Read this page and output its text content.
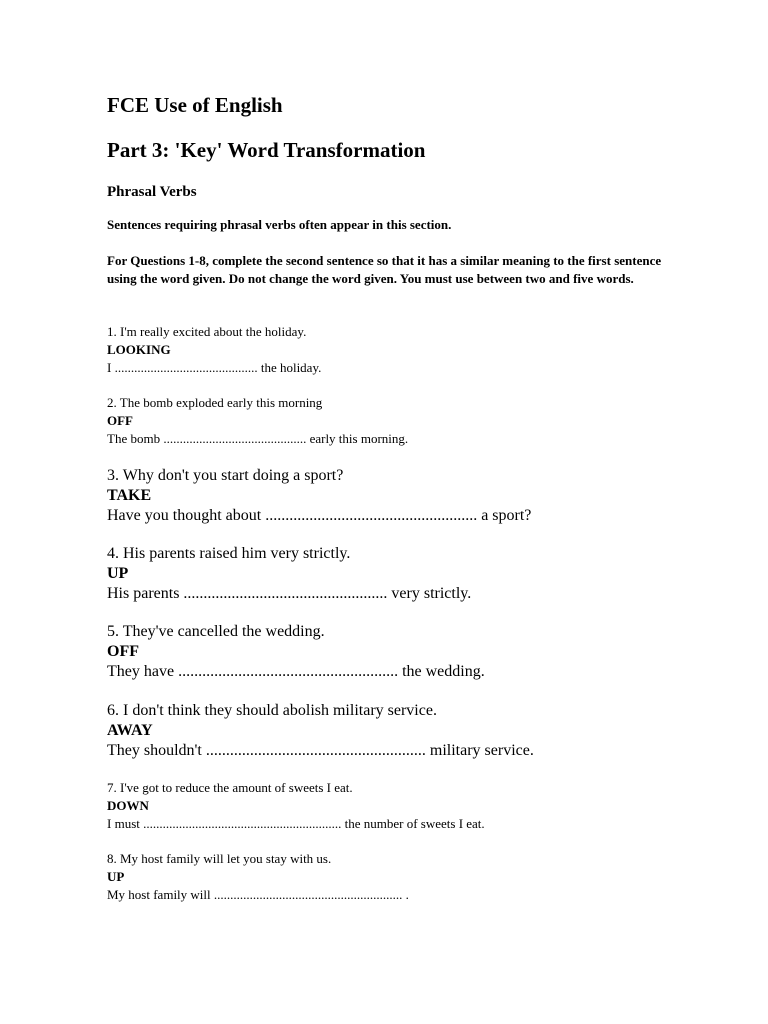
FCE Use of English
Part 3: 'Key' Word Transformation
Phrasal Verbs
Sentences requiring phrasal verbs often appear in this section.
For Questions 1-8, complete the second sentence so that it has a similar meaning to the first sentence using the word given. Do not change the word given. You must use between two and five words.
1. I'm really excited about the holiday.
LOOKING
I ............................................ the holiday.
2. The bomb exploded early this morning
OFF
The bomb ............................................ early this morning.
3. Why don't you start doing a sport?
TAKE
Have you thought about ..................................................... a sport?
4. His parents raised him very strictly.
UP
His parents ................................................... very strictly.
5. They've cancelled the wedding.
OFF
They have ....................................................... the wedding.
6. I don't think they should abolish military service.
AWAY
They shouldn't ....................................................... military service.
7. I've got to reduce the amount of sweets I eat.
DOWN
I must ............................................................. the number of sweets I eat.
8. My host family will let you stay with us.
UP
My host family will .......................................................... .
